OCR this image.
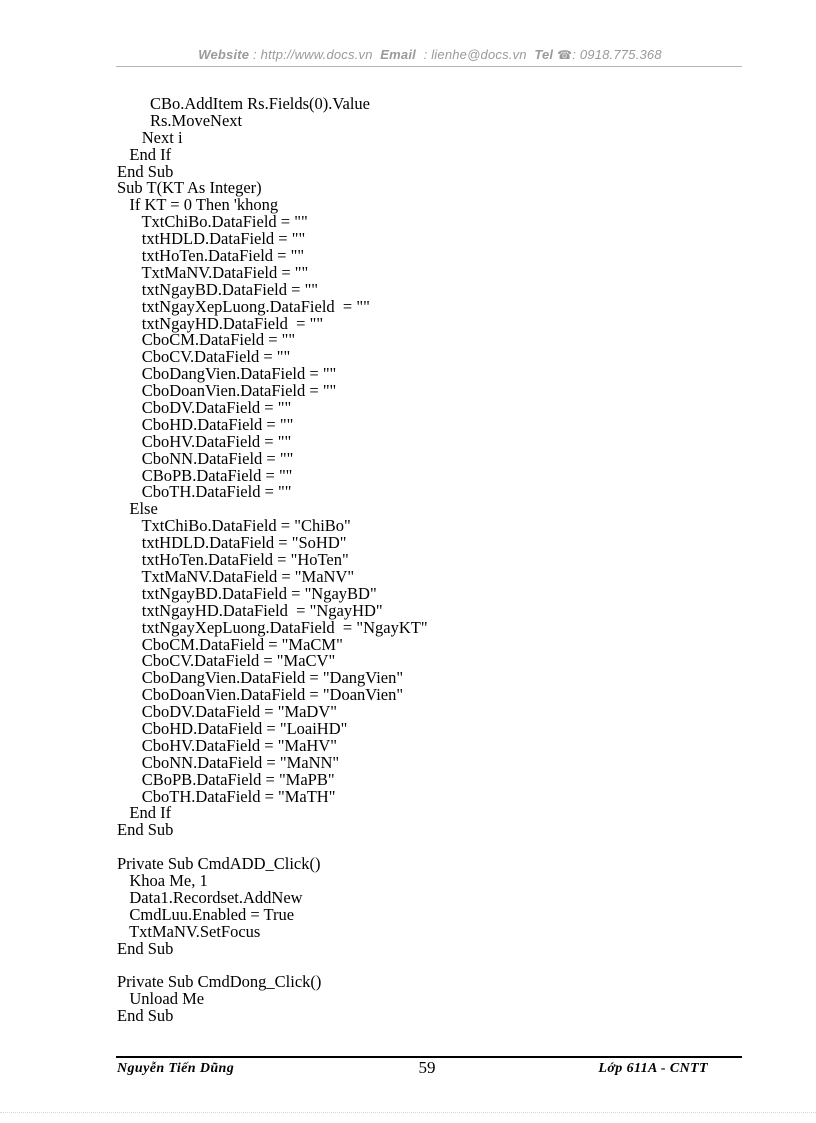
Website : http://www.docs.vn Email : lienhe@docs.vn Tel ☎: 0918.775.368
CBo.AddItem Rs.Fields(0).Value
Rs.MoveNext
Next i
End If
End Sub
Sub T(KT As Integer)
If KT = 0 Then 'khong
TxtChiBo.DataField = ""
txtHDLD.DataField = ""
txtHoTen.DataField = ""
TxtMaNV.DataField = ""
txtNgayBD.DataField = ""
txtNgayXepLuong.DataField  = ""
txtNgayHD.DataField  = ""
CboCM.DataField = ""
CboCV.DataField = ""
CboDangVien.DataField = ""
CboDoanVien.DataField = ""
CboDV.DataField = ""
CboHD.DataField = ""
CboHV.DataField = ""
CboNN.DataField = ""
CBoPB.DataField = ""
CboTH.DataField = ""
Else
TxtChiBo.DataField = "ChiBo"
txtHDLD.DataField = "SoHD"
txtHoTen.DataField = "HoTen"
TxtMaNV.DataField = "MaNV"
txtNgayBD.DataField = "NgayBD"
txtNgayHD.DataField  = "NgayHD"
txtNgayXepLuong.DataField  = "NgayKT"
CboCM.DataField = "MaCM"
CboCV.DataField = "MaCV"
CboDangVien.DataField = "DangVien"
CboDoanVien.DataField = "DoanVien"
CboDV.DataField = "MaDV"
CboHD.DataField = "LoaiHD"
CboHV.DataField = "MaHV"
CboNN.DataField = "MaNN"
CBoPB.DataField = "MaPB"
CboTH.DataField = "MaTH"
End If
End Sub
Private Sub CmdADD_Click()
Khoa Me, 1
Data1.Recordset.AddNew
CmdLuu.Enabled = True
TxtMaNV.SetFocus
End Sub
Private Sub CmdDong_Click()
Unload Me
End Sub
Nguyễn Tiến Dũng	59	Lớp 611A - CNTT
